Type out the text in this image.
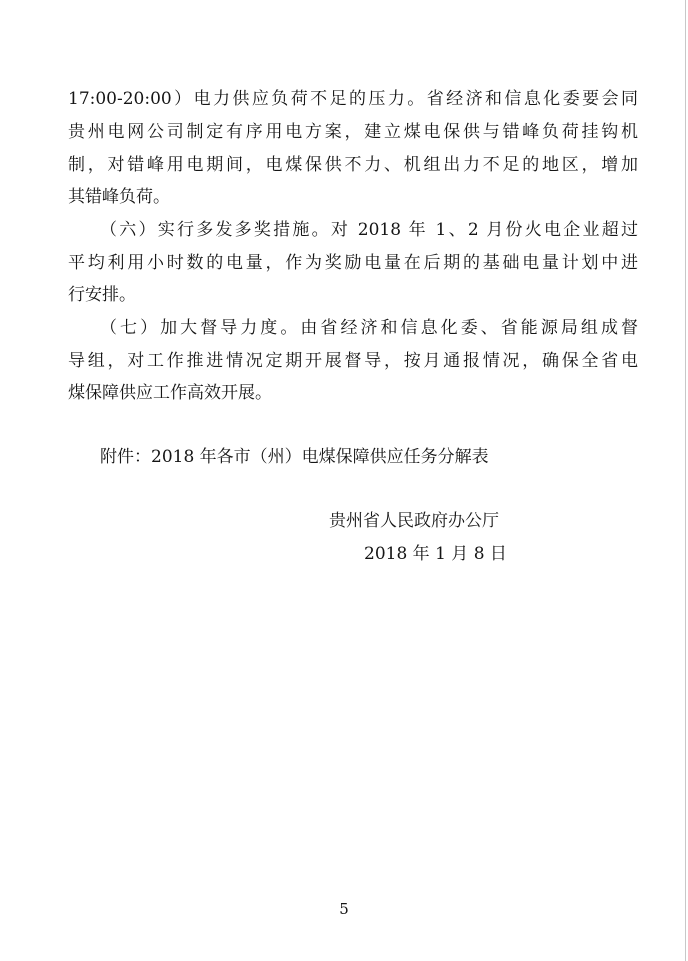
17:00-20:00）电力供应负荷不足的压力。省经济和信息化委要会同
贵州电网公司制定有序用电方案，建立煤电保供与错峰负荷挂钩机
制，对错峰用电期间，电煤保供不力、机组出力不足的地区，增加
其错峰负荷。
（六）实行多发多奖措施。对 2018 年 1、2 月份火电企业超过
平均利用小时数的电量，作为奖励电量在后期的基础电量计划中进
行安排。
（七）加大督导力度。由省经济和信息化委、省能源局组成督
导组，对工作推进情况定期开展督导，按月通报情况，确保全省电
煤保障供应工作高效开展。
附件：2018 年各市（州）电煤保障供应任务分解表
贵州省人民政府办公厅
2018 年 1 月 8 日
5
